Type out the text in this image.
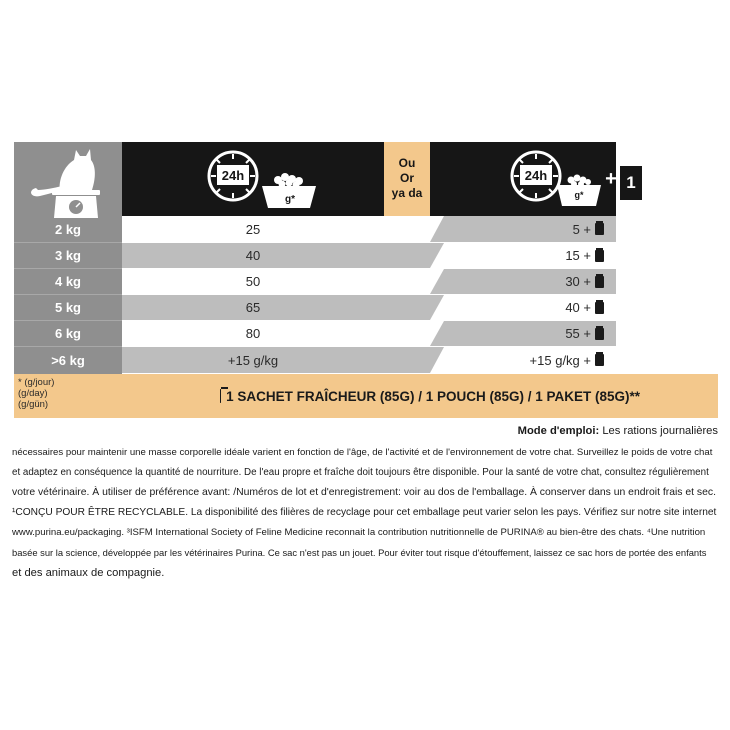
24h
g*
Ou
Or
ya da
24h
g*
+ 1
2 kg
3 kg
4 kg
5 kg
6 kg
>6 kg
25
40
50
65
80
+15 g/kg
5 +
15 +
30 +
40 +
55 +
+15 g/kg +
* (g/jour)
(g/day)
(g/gün)
1 SACHET FRAÎCHEUR (85G) / 1 POUCH (85G) / 1 PAKET (85G)**
Mode d'emploi: Les rations journalières
nécessaires pour maintenir une masse corporelle idéale varient en fonction de l'âge, de l'activité et de l'environnement de votre chat. Surveillez le poids de votre chat
et adaptez en conséquence la quantité de nourriture. De l'eau propre et fraîche doit toujours être disponible. Pour la santé de votre chat, consultez régulièrement
votre vétérinaire. À utiliser de préférence avant: /Numéros de lot et d'enregistrement: voir au dos de l'emballage. À conserver dans un endroit frais et sec.
¹CONÇU POUR ÊTRE RECYCLABLE. La disponibilité des filières de recyclage pour cet emballage peut varier selon les pays. Vérifiez sur notre site internet
www.purina.eu/packaging. ³ISFM International Society of Feline Medicine reconnait la contribution nutritionnelle de PURINA® au bien-être des chats. ⁴Une nutrition
basée sur la science, développée par les vétérinaires Purina. Ce sac n'est pas un jouet. Pour éviter tout risque d'étouffement, laissez ce sac hors de portée des enfants
et des animaux de compagnie.
